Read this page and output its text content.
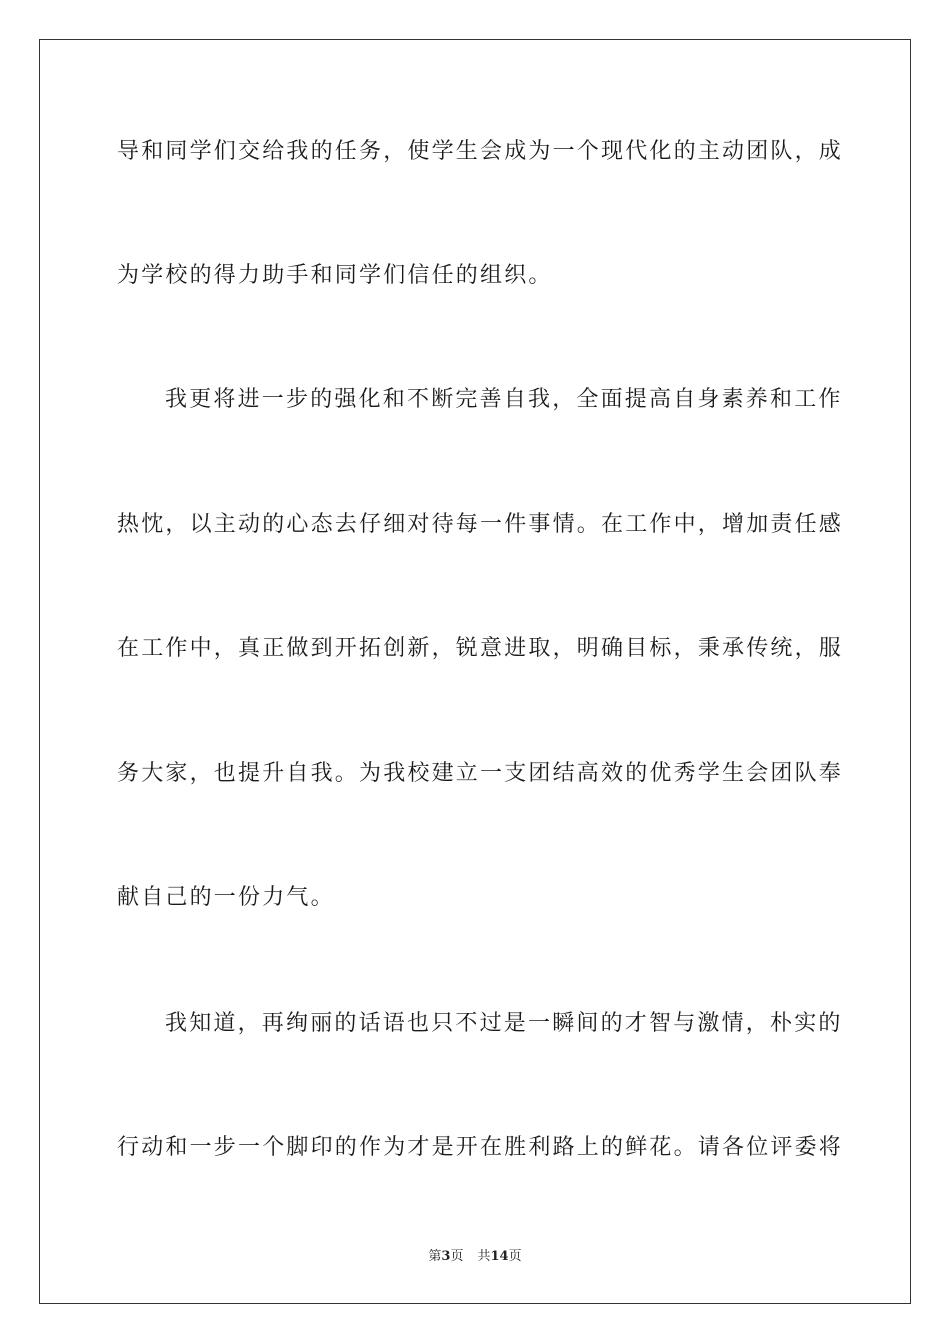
导和同学们交给我的任务，使学生会成为一个现代化的主动团队，成
为学校的得力助手和同学们信任的组织。
我更将进一步的强化和不断完善自我，全面提高自身素养和工作
热忱，以主动的心态去仔细对待每一件事情。在工作中，增加责任感
在工作中，真正做到开拓创新，锐意进取，明确目标，秉承传统，服
务大家，也提升自我。为我校建立一支团结高效的优秀学生会团队奉
献自己的一份力气。
我知道，再绚丽的话语也只不过是一瞬间的才智与激情，朴实的
行动和一步一个脚印的作为才是开在胜利路上的鲜花。请各位评委将
第3页 共14页
